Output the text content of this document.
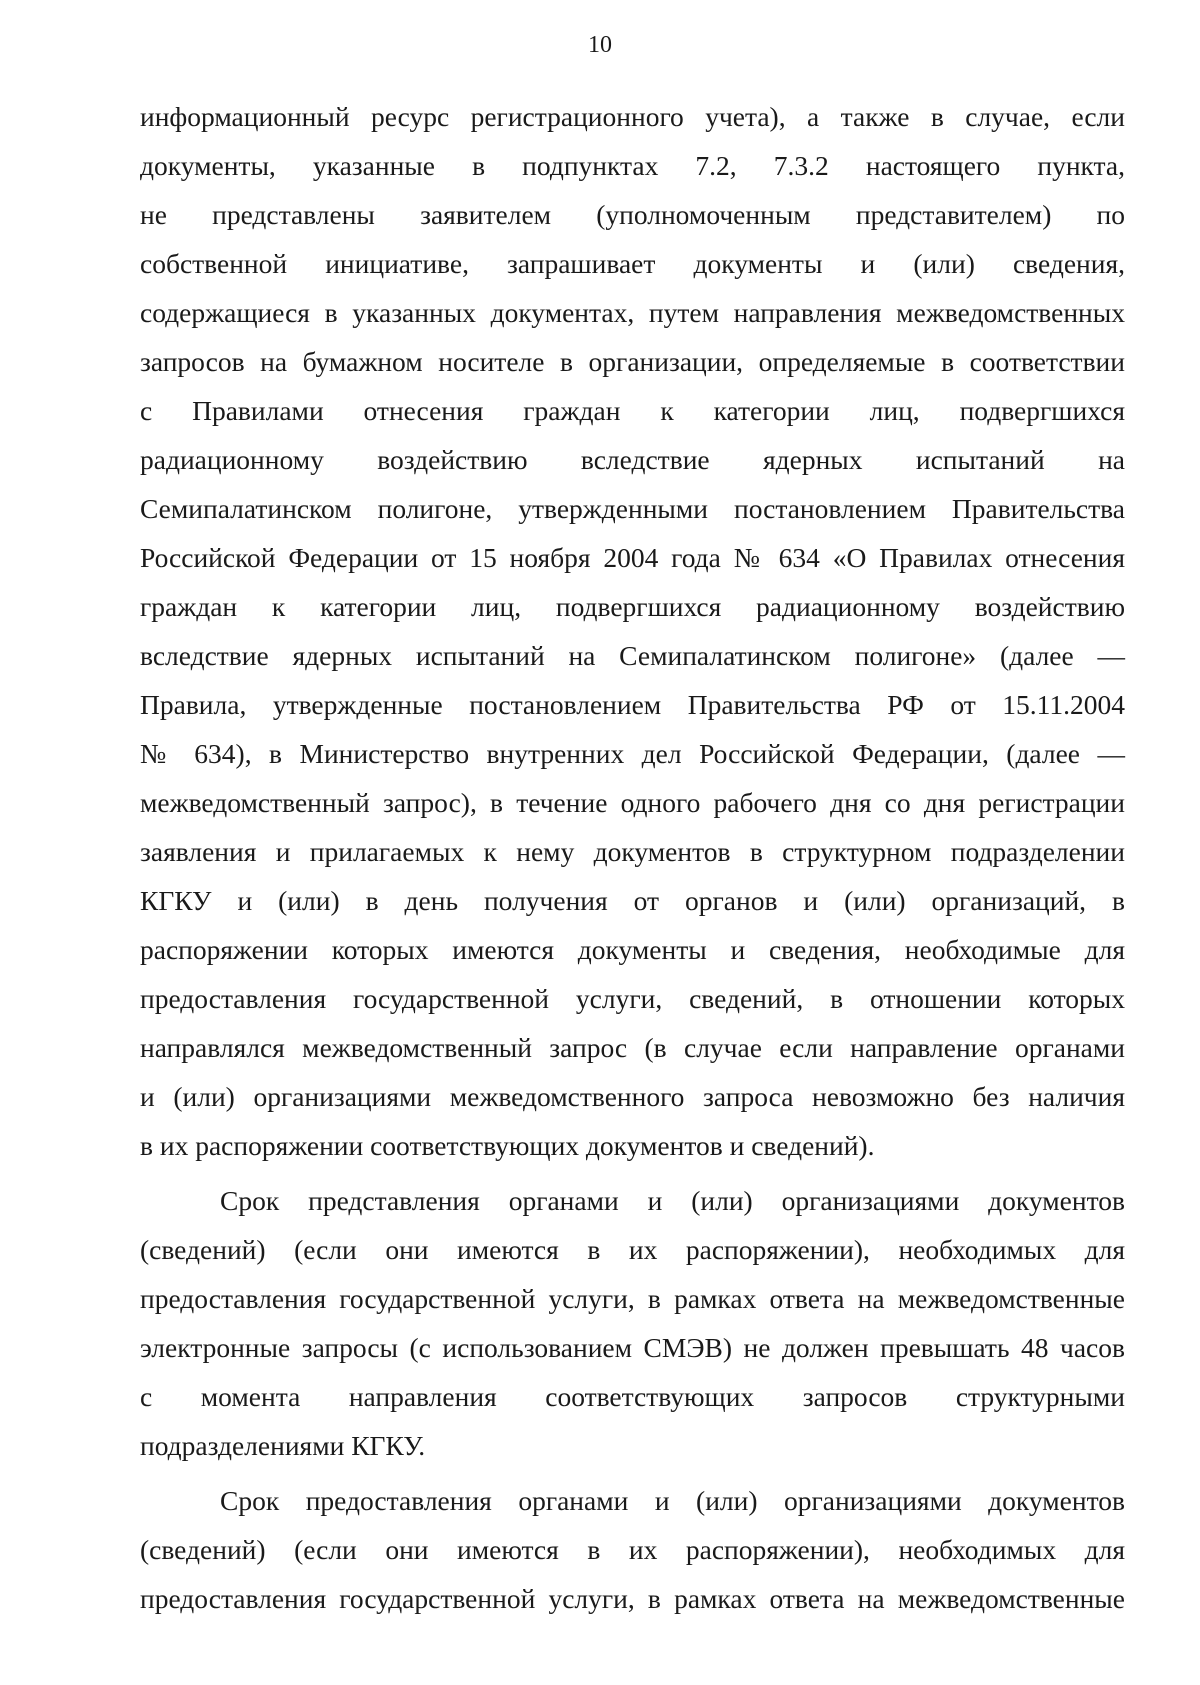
10
информационный ресурс регистрационного учета), а также в случае, если
документы, указанные в подпунктах 7.2, 7.3.2 настоящего пункта,
не представлены заявителем (уполномоченным представителем) по
собственной инициативе, запрашивает документы и (или) сведения,
содержащиеся в указанных документах, путем направления межведомственных
запросов на бумажном носителе в организации, определяемые в соответствии
с Правилами отнесения граждан к категории лиц, подвергшихся
радиационному воздействию вследствие ядерных испытаний на
Семипалатинском полигоне, утвержденными постановлением Правительства
Российской Федерации от 15 ноября 2004 года № 634 «О Правилах отнесения
граждан к категории лиц, подвергшихся радиационному воздействию
вследствие ядерных испытаний на Семипалатинском полигоне» (далее —
Правила, утвержденные постановлением Правительства РФ от 15.11.2004
№ 634), в Министерство внутренних дел Российской Федерации, (далее —
межведомственный запрос), в течение одного рабочего дня со дня регистрации
заявления и прилагаемых к нему документов в структурном подразделении
КГКУ и (или) в день получения от органов и (или) организаций, в
распоряжении которых имеются документы и сведения, необходимые для
предоставления государственной услуги, сведений, в отношении которых
направлялся межведомственный запрос (в случае если направление органами
и (или) организациями межведомственного запроса невозможно без наличия
в их распоряжении соответствующих документов и сведений).
Срок представления органами и (или) организациями документов
(сведений) (если они имеются в их распоряжении), необходимых для
предоставления государственной услуги, в рамках ответа на межведомственные
электронные запросы (с использованием СМЭВ) не должен превышать 48 часов
с момента направления соответствующих запросов структурными
подразделениями КГКУ.
Срок предоставления органами и (или) организациями документов
(сведений) (если они имеются в их распоряжении), необходимых для
предоставления государственной услуги, в рамках ответа на межведомственные
